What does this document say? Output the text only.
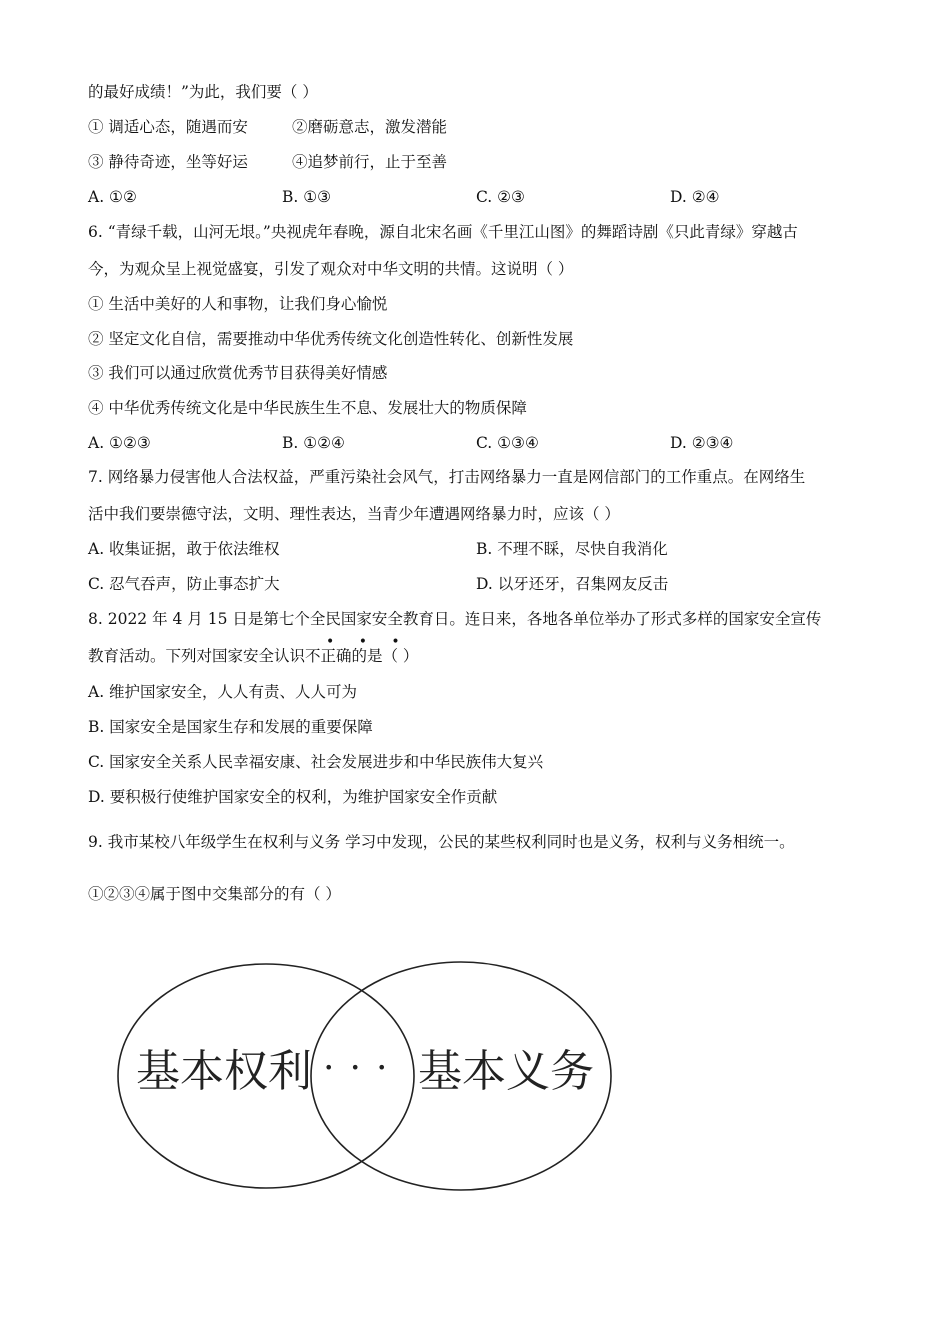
的最好成绩！”为此，我们要（ ）
① 调适心态，随遇而安	②磨砺意志，激发潜能
③ 静待奇迹，坐等好运	④追梦前行，止于至善
A. ①②	B. ①③	C. ②③	D. ②④
6. “青绿千载，山河无垠。”央视虎年春晚，源自北宋名画《千里江山图》的舞蹈诗剧《只此青绿》穿越古
今，为观众呈上视觉盛宴，引发了观众对中华文明的共情。这说明（ ）
① 生活中美好的人和事物，让我们身心愉悦
② 坚定文化自信，需要推动中华优秀传统文化创造性转化、创新性发展
③ 我们可以通过欣赏优秀节目获得美好情感
④ 中华优秀传统文化是中华民族生生不息、发展壮大的物质保障
A. ①②③	B. ①②④	C. ①③④	D. ②③④
7. 网络暴力侵害他人合法权益，严重污染社会风气，打击网络暴力一直是网信部门的工作重点。在网络生
活中我们要崇德守法，文明、理性表达，当青少年遭遇网络暴力时，应该（ ）
A. 收集证据，敢于依法维权	B. 不理不睬，尽快自我消化
C. 忍气吞声，防止事态扩大	D. 以牙还牙，召集网友反击
8. 2022 年 4 月 15 日是第七个全民国家安全教育日。连日来，各地各单位举办了形式多样的国家安全宣传
• • •
教育活动。下列对国家安全认识不正确的是（ ）
A. 维护国家安全，人人有责、人人可为
B. 国家安全是国家生存和发展的重要保障
C. 国家安全关系人民幸福安康、社会发展进步和中华民族伟大复兴
D. 要积极行使维护国家安全的权利，为维护国家安全作贡献
9. 我市某校八年级学生在权利与义务 学习中发现，公民的某些权利同时也是义务，权利与义务相统一。
①②③④属于图中交集部分的有（ ）
基本权利 基本义务
• • •
